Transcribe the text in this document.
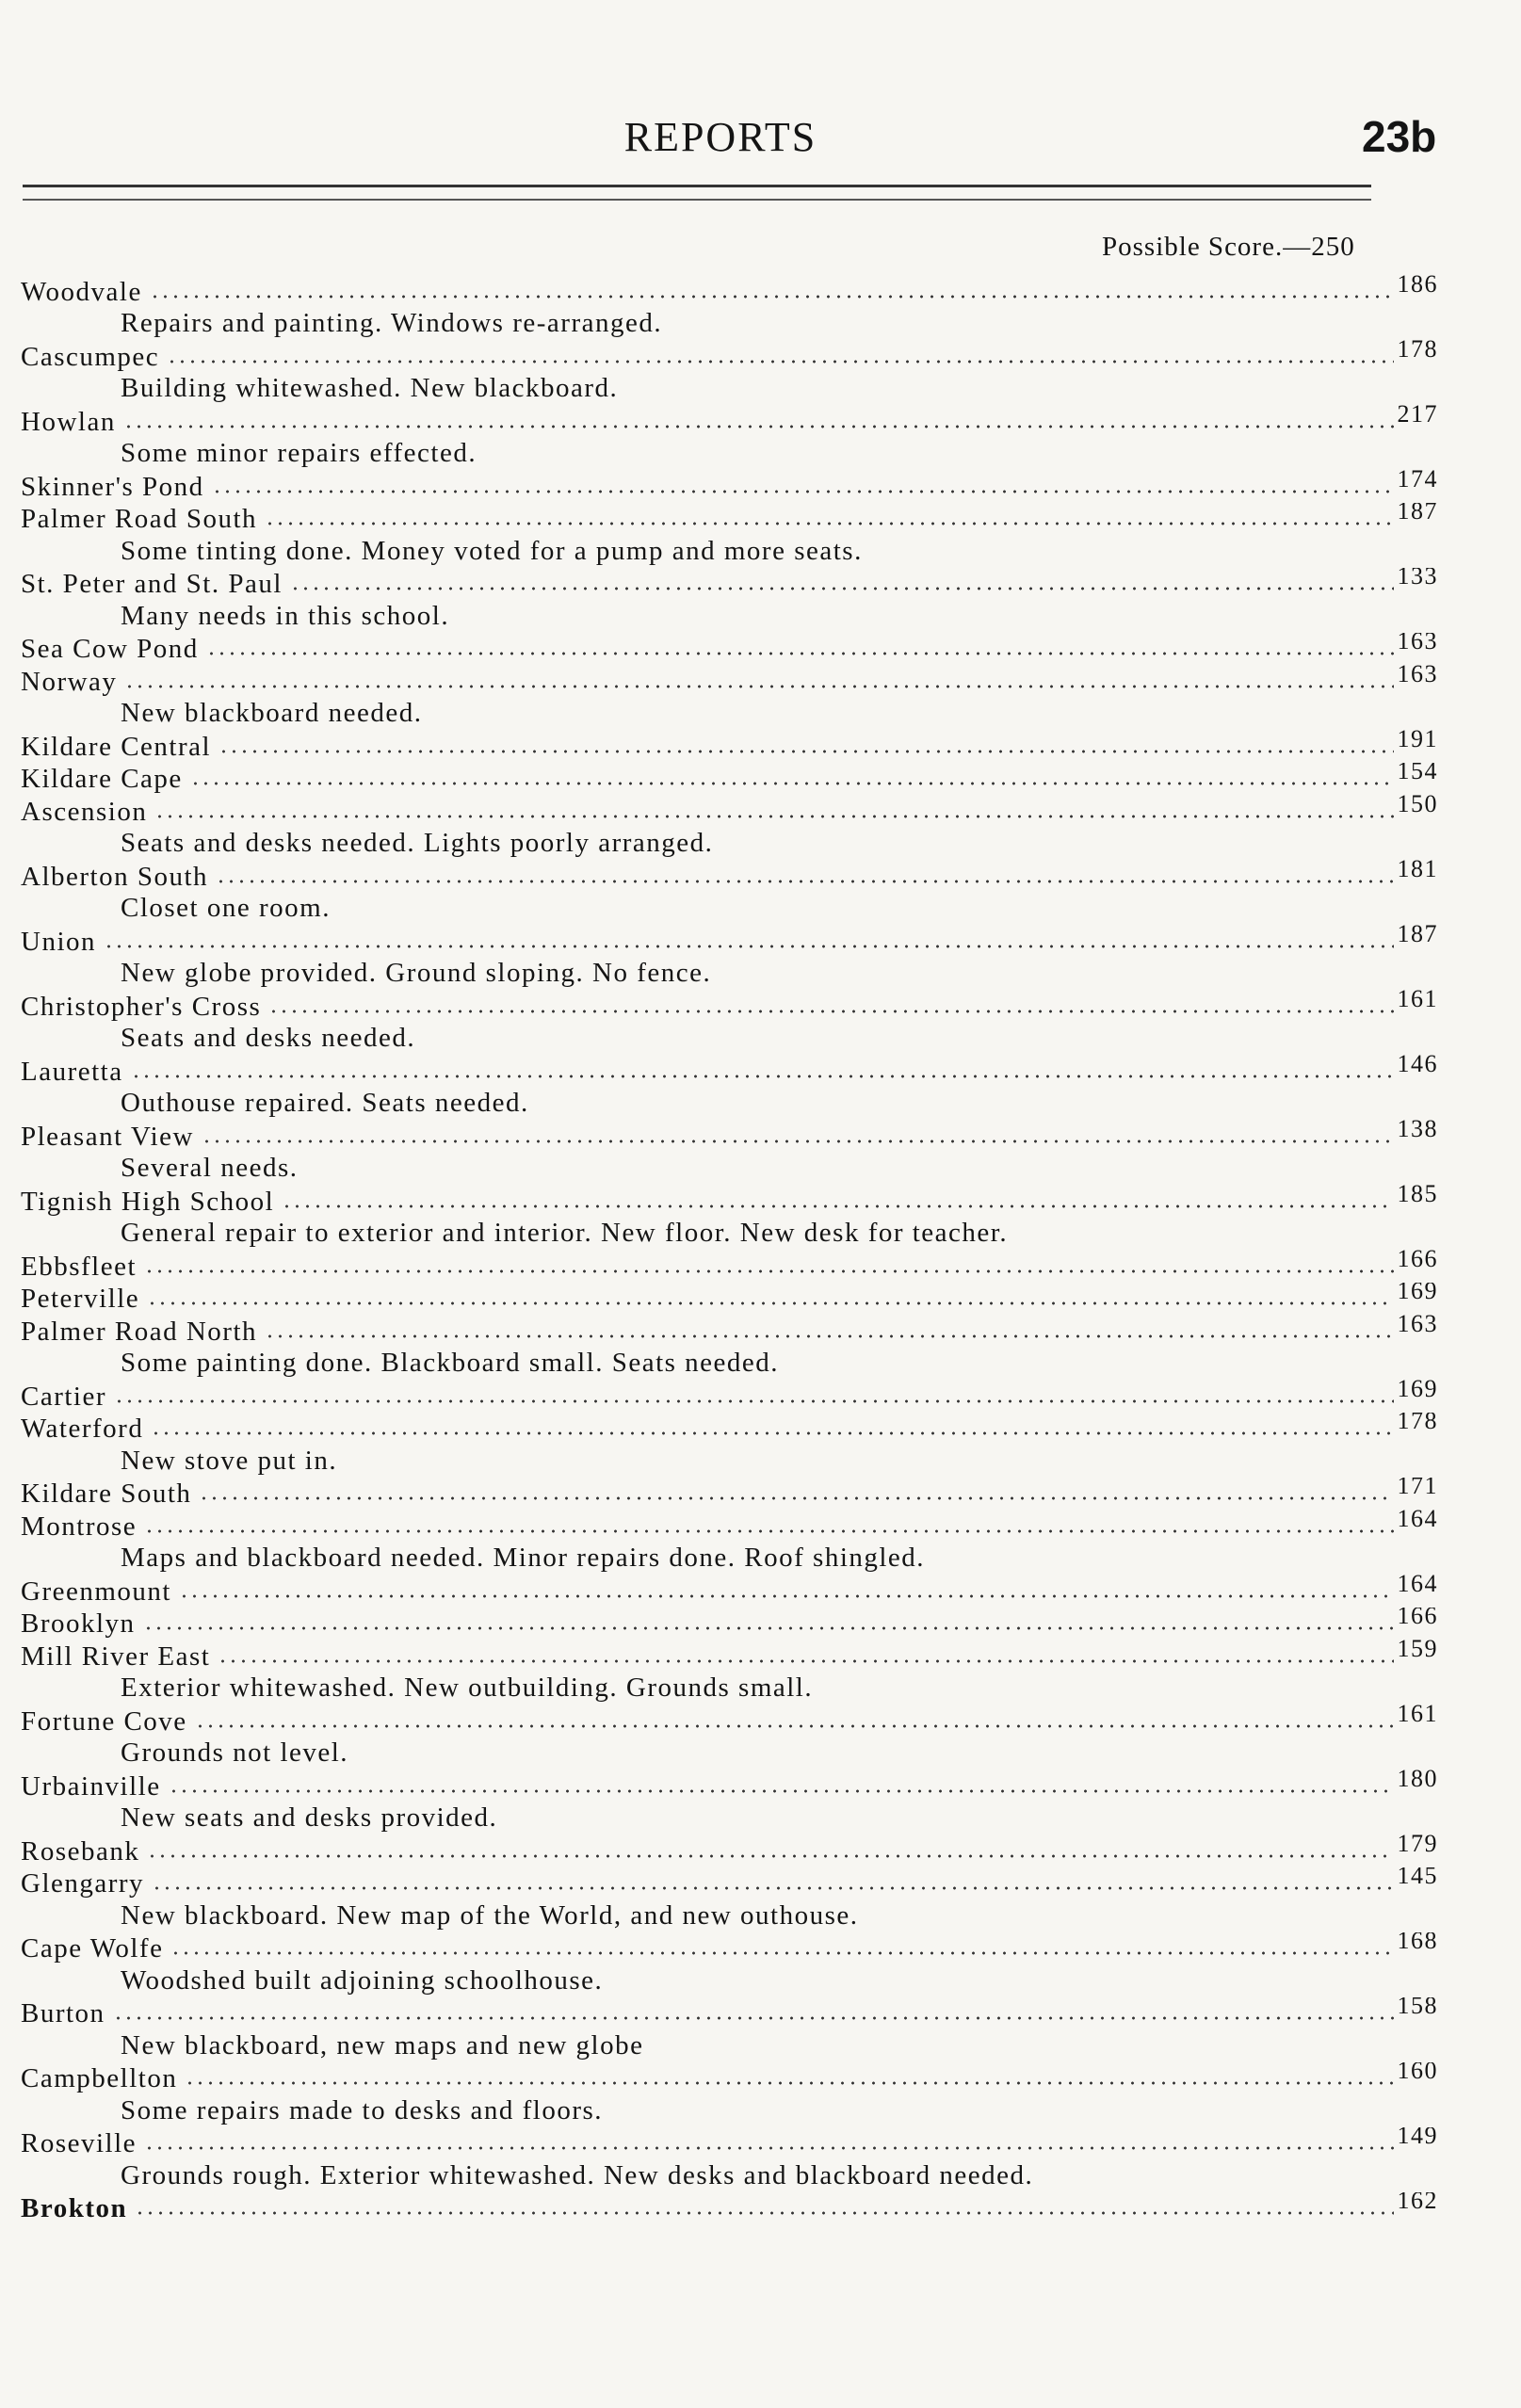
REPORTS	23b
Possible Score.—250
Woodvale	186
Repairs and painting. Windows re-arranged.
Cascumpec	178
Building whitewashed. New blackboard.
Howlan	217
Some minor repairs effected.
Skinner's Pond	174
Palmer Road South	187
Some tinting done. Money voted for a pump and more seats.
St. Peter and St. Paul	133
Many needs in this school.
Sea Cow Pond	163
Norway	163
New blackboard needed.
Kildare Central	191
Kildare Cape	154
Ascension	150
Seats and desks needed. Lights poorly arranged.
Alberton South	181
Closet one room.
Union	187
New globe provided. Ground sloping. No fence.
Christopher's Cross	161
Seats and desks needed.
Lauretta	146
Outhouse repaired. Seats needed.
Pleasant View	138
Several needs.
Tignish High School	185
General repair to exterior and interior. New floor. New desk for teacher.
Ebbsfleet	166
Peterville	169
Palmer Road North	163
Some painting done. Blackboard small. Seats needed.
Cartier	169
Waterford	178
New stove put in.
Kildare South	171
Montrose	164
Maps and blackboard needed. Minor repairs done. Roof shingled.
Greenmount	164
Brooklyn	166
Mill River East	159
Exterior whitewashed. New outbuilding. Grounds small.
Fortune Cove	161
Grounds not level.
Urbainville	180
New seats and desks provided.
Rosebank	179
Glengarry	145
New blackboard. New map of the World, and new outhouse.
Cape Wolfe	168
Woodshed built adjoining schoolhouse.
Burton	158
New blackboard, new maps and new globe
Campbellton	160
Some repairs made to desks and floors.
Roseville	149
Grounds rough. Exterior whitewashed. New desks and blackboard needed.
Brokton	162
